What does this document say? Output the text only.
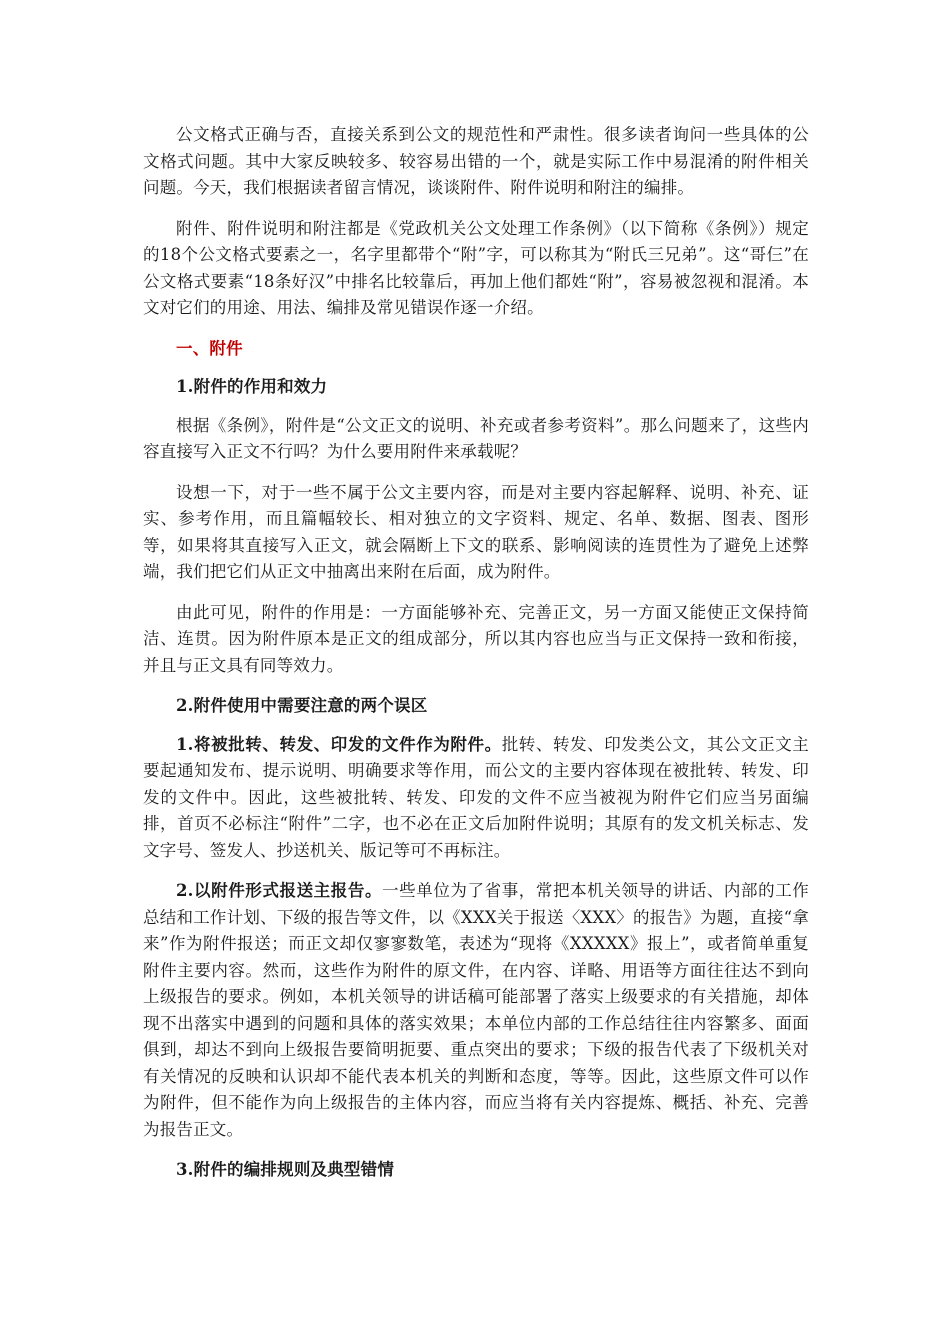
公文格式正确与否，直接关系到公文的规范性和严肃性。很多读者询问一些具体的公文格式问题。其中大家反映较多、较容易出错的一个，就是实际工作中易混淆的附件相关问题。今天，我们根据读者留言情况，谈谈附件、附件说明和附注的编排。

附件、附件说明和附注都是《党政机关公文处理工作条例》（以下简称《条例》）规定的18个公文格式要素之一，名字里都带个“附”字，可以称其为“附氏三兄弟”。这“哥仨”在公文格式要素“18条好汉”中排名比较靠后，再加上他们都姓“附”，容易被忽视和混淆。本文对它们的用途、用法、编排及常见错误作逐一介绍。

一、附件

1.附件的作用和效力

根据《条例》，附件是“公文正文的说明、补充或者参考资料”。那么问题来了，这些内容直接写入正文不行吗？为什么要用附件来承载呢？

设想一下，对于一些不属于公文主要内容，而是对主要内容起解释、说明、补充、证实、参考作用，而且篇幅较长、相对独立的文字资料、规定、名单、数据、图表、图形等，如果将其直接写入正文，就会隔断上下文的联系、影响阅读的连贯性为了避免上述弊端，我们把它们从正文中抽离出来附在后面，成为附件。

由此可见，附件的作用是：一方面能够补充、完善正文，另一方面又能使正文保持简洁、连贯。因为附件原本是正文的组成部分，所以其内容也应当与正文保持一致和衔接，并且与正文具有同等效力。

2.附件使用中需要注意的两个误区

1.将被批转、转发、印发的文件作为附件。批转、转发、印发类公文，其公文正文主要起通知发布、提示说明、明确要求等作用，而公文的主要内容体现在被批转、转发、印发的文件中。因此，这些被批转、转发、印发的文件不应当被视为附件它们应当另面编排，首页不必标注“附件”二字，也不必在正文后加附件说明；其原有的发文机关标志、发文字号、签发人、抄送机关、版记等可不再标注。

2.以附件形式报送主报告。一些单位为了省事，常把本机关领导的讲话、内部的工作总结和工作计划、下级的报告等文件，以《XXX关于报送〈XXX〉的报告》为题，直接“拿来”作为附件报送；而正文却仅寥寥数笔，表述为“现将《XXXXX》报上”，或者简单重复附件主要内容。然而，这些作为附件的原文件，在内容、详略、用语等方面往往达不到向上级报告的要求。例如，本机关领导的讲话稿可能部署了落实上级要求的有关措施，却体现不出落实中遇到的问题和具体的落实效果；本单位内部的工作总结往往内容繁多、面面俱到，却达不到向上级报告要简明扼要、重点突出的要求；下级的报告代表了下级机关对有关情况的反映和认识却不能代表本机关的判断和态度，等等。因此，这些原文件可以作为附件，但不能作为向上级报告的主体内容，而应当将有关内容提炼、概括、补充、完善为报告正文。

3.附件的编排规则及典型错情
